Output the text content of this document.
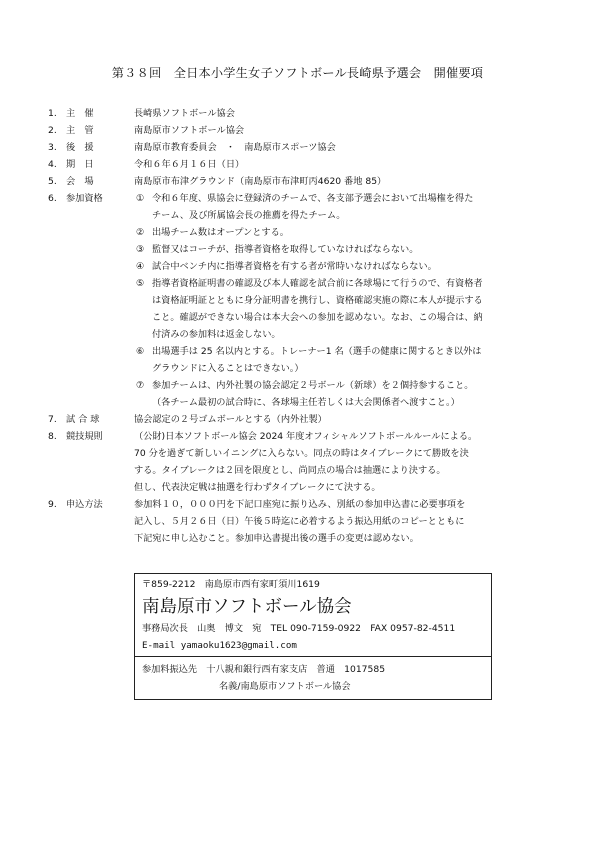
第３８回　全日本小学生女子ソフトボール長崎県予選会　開催要項
1.	主　催	長崎県ソフトボール協会
2.	主　管	南島原市ソフトボール協会
3.	後　援	南島原市教育委員会　・　南島原市スポーツ協会
4.	期　日	令和６年６月１６日（日）
5.	会　場	南島原市布津グラウンド（南島原市布津町丙4620 番地 85）
6.	参加資格	① 令和６年度、県協会に登録済のチームで、各支部予選会において出場権を得た
チーム、及び所属協会長の推薦を得たチーム。
② 出場チーム数はオープンとする。
③ 監督又はコーチが、指導者資格を取得していなければならない。
④ 試合中ベンチ内に指導者資格を有する者が常時いなければならない。
⑤ 指導者資格証明書の確認及び本人確認を試合前に各球場にて行うので、有資格者
は資格証明証とともに身分証明書を携行し、資格確認実施の際に本人が提示する
こと。確認ができない場合は本大会への参加を認めない。なお、この場合は、納
付済みの参加料は返金しない。
⑥ 出場選手は 25 名以内とする。トレーナー1 名（選手の健康に関するとき以外は
グラウンドに入ることはできない。）
⑦ 参加チームは、内外社製の協会認定２号ボール（新球）を２個持参すること。
（各チーム最初の試合時に、各球場主任若しくは大会関係者へ渡すこと。）
7.	試 合 球	協会認定の２号ゴムボールとする（内外社製）
8.	競技規則	（公財)日本ソフトボール協会 2024 年度オフィシャルソフトボールルールによる。
70 分を過ぎて新しいイニングに入らない。同点の時はタイブレークにて勝敗を決
する。タイブレークは２回を限度とし、尚同点の場合は抽選により決する。
但し、代表決定戦は抽選を行わずタイブレークにて決する。
9.	申込方法	参加料１０，０００円を下記口座宛に振り込み、別紙の参加申込書に必要事項を
記入し、５月２６日（日）午後５時迄に必着するよう振込用紙のコピーとともに
下記宛に申し込むこと。参加申込書提出後の選手の変更は認めない。
〒859-2212　南島原市西有家町須川1619
南島原市ソフトボール協会
事務局次長　山奥　博文　宛　TEL 090-7159-0922　FAX 0957-82-4511
E-mail yamaoku1623@gmail.com
参加料振込先　十八親和銀行西有家支店　普通　1017585
名義/南島原市ソフトボール協会
